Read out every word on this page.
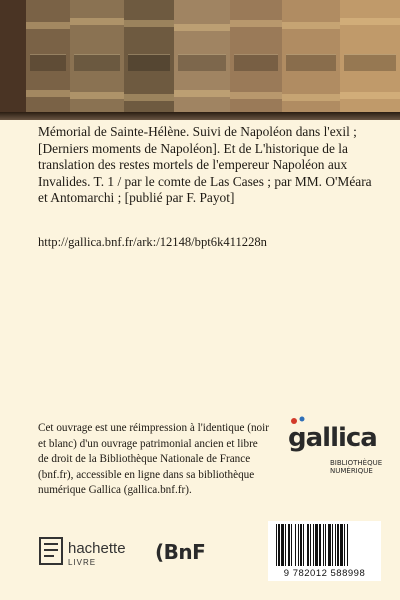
Mémorial de Sainte-Hélène. Suivi de Napoléon dans l'exil ; [Derniers moments de Napoléon]. Et de L'historique de la translation des restes mortels de l'empereur Napoléon aux Invalides. T. 1 / par le comte de Las Cases ; par MM. O'Méara et Antomarchi ; [publié par F. Payot]

http://gallica.bnf.fr/ark:/12148/bpt6k411228n

Cet ouvrage est une réimpression à l'identique (noir et blanc) d'un ouvrage patrimonial ancien et libre de droit de la Bibliothèque Nationale de France (bnf.fr), accessible en ligne dans sa bibliothèque numérique Gallica (gallica.bnf.fr).

gallica
BIBLIOTHÈQUE
NUMÉRIQUE
hachette
LIVRE	(BnF
9 782012 588998
